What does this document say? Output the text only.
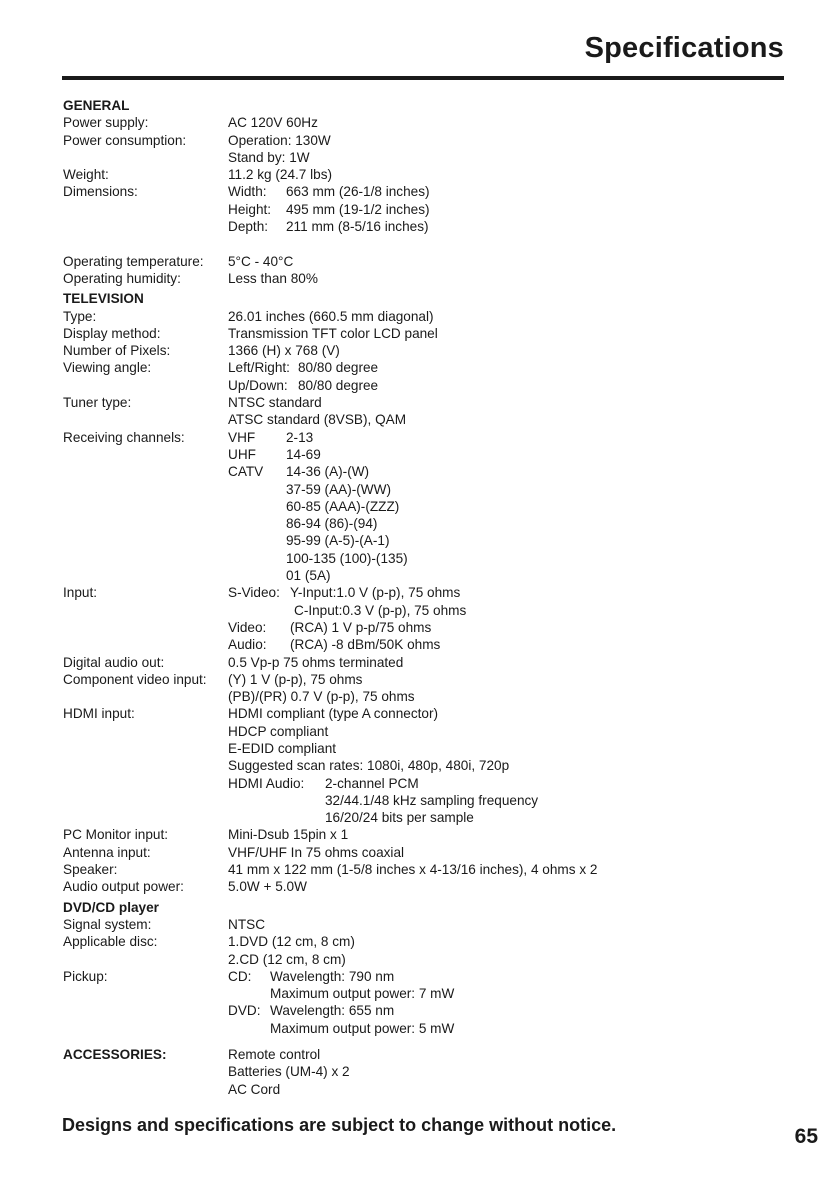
Specifications
GENERAL
Power supply:	AC 120V 60Hz
Power consumption:	Operation: 130W
Stand by: 1W
Weight:	11.2 kg (24.7 lbs)
Dimensions:	Width:	663 mm (26-1/8 inches)
Height:	495 mm (19-1/2 inches)
Depth:	211 mm (8-5/16 inches)

Operating temperature:	5°C - 40°C
Operating humidity:	Less than 80%
TELEVISION
Type:	26.01 inches (660.5 mm diagonal)
Display method:	Transmission TFT color LCD panel
Number of Pixels:	1366 (H) x 768 (V)
Viewing angle:	Left/Right: 80/80 degree
Up/Down: 80/80 degree
Tuner type:	NTSC standard
ATSC standard (8VSB), QAM
Receiving channels:	VHF	2-13
UHF	14-69
CATV	14-36 (A)-(W)
37-59 (AA)-(WW)
60-85 (AAA)-(ZZZ)
86-94 (86)-(94)
95-99 (A-5)-(A-1)
100-135 (100)-(135)
01 (5A)
Input:	S-Video: Y-Input:1.0 V (p-p), 75 ohms
C-Input:0.3 V (p-p), 75 ohms
Video:	(RCA) 1 V p-p/75 ohms
Audio:	(RCA) -8 dBm/50K ohms
Digital audio out:	0.5 Vp-p 75 ohms terminated
Component video input:	(Y) 1 V (p-p), 75 ohms
(PB)/(PR) 0.7 V (p-p), 75 ohms
HDMI input:	HDMI compliant (type A connector)
HDCP compliant
E-EDID compliant
Suggested scan rates: 1080i, 480p, 480i, 720p
HDMI Audio:	2-channel PCM
32/44.1/48 kHz sampling frequency
16/20/24 bits per sample
PC Monitor input:	Mini-Dsub 15pin x 1
Antenna input:	VHF/UHF In 75 ohms coaxial
Speaker:	41 mm x 122 mm (1-5/8 inches x 4-13/16 inches), 4 ohms x 2
Audio output power:	5.0W + 5.0W
DVD/CD player
Signal system:	NTSC
Applicable disc:	1.DVD (12 cm, 8 cm)
2.CD (12 cm, 8 cm)
Pickup:	CD:	Wavelength: 790 nm
Maximum output power: 7 mW
DVD: Wavelength: 655 nm
Maximum output power: 5 mW
ACCESSORIES:	Remote control
Batteries (UM-4) x 2
AC Cord
Designs and specifications are subject to change without notice.	65
